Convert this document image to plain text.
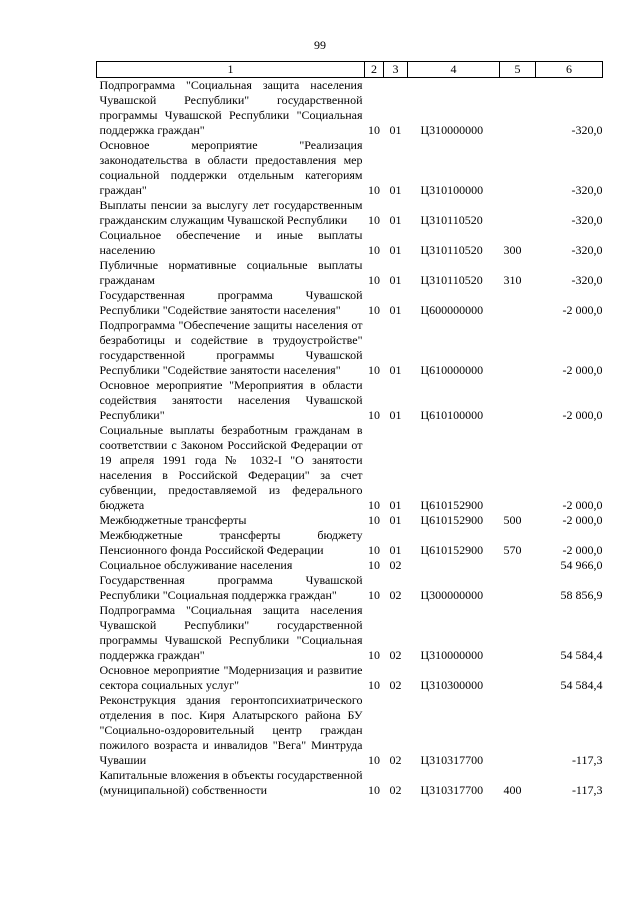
99
1	2	3	4	5	6
Подпрограмма "Социальная защита населения Чувашской Республики" государственной программы Чувашской Республики "Социальная поддержка граждан"	10	01	Ц310000000		-320,0
Основное мероприятие "Реализация законодательства в области предоставления мер социальной поддержки отдельным категориям граждан"	10	01	Ц310100000		-320,0
Выплаты пенсии за выслугу лет государственным гражданским служащим Чувашской Республики	10	01	Ц310110520		-320,0
Социальное обеспечение и иные выплаты населению	10	01	Ц310110520	300	-320,0
Публичные нормативные социальные выплаты гражданам	10	01	Ц310110520	310	-320,0
Государственная программа Чувашской Республики "Содействие занятости населения"	10	01	Ц600000000		-2 000,0
Подпрограмма "Обеспечение защиты населения от безработицы и содействие в трудоустройстве" государственной программы Чувашской Республики "Содействие занятости населения"	10	01	Ц610000000		-2 000,0
Основное мероприятие "Мероприятия в области содействия занятости населения Чувашской Республики"	10	01	Ц610100000		-2 000,0
Социальные выплаты безработным гражданам в соответствии с Законом Российской Федерации от 19 апреля 1991 года № 1032-I "О занятости населения в Российской Федерации" за счет субвенции, предоставляемой из федерального бюджета	10	01	Ц610152900		-2 000,0
Межбюджетные трансферты	10	01	Ц610152900	500	-2 000,0
Межбюджетные трансферты бюджету Пенсионного фонда Российской Федерации	10	01	Ц610152900	570	-2 000,0
Социальное обслуживание населения	10	02			54 966,0
Государственная программа Чувашской Республики "Социальная поддержка граждан"	10	02	Ц300000000		58 856,9
Подпрограмма "Социальная защита населения Чувашской Республики" государственной программы Чувашской Республики "Социальная поддержка граждан"	10	02	Ц310000000		54 584,4
Основное мероприятие "Модернизация и развитие сектора социальных услуг"	10	02	Ц310300000		54 584,4
Реконструкция здания геронтопсихиатрического отделения в пос. Киря Алатырского района БУ "Социально-оздоровительный центр граждан пожилого возраста и инвалидов "Вега" Минтруда Чувашии	10	02	Ц310317700		-117,3
Капитальные вложения в объекты государственной (муниципальной) собственности	10	02	Ц310317700	400	-117,3
